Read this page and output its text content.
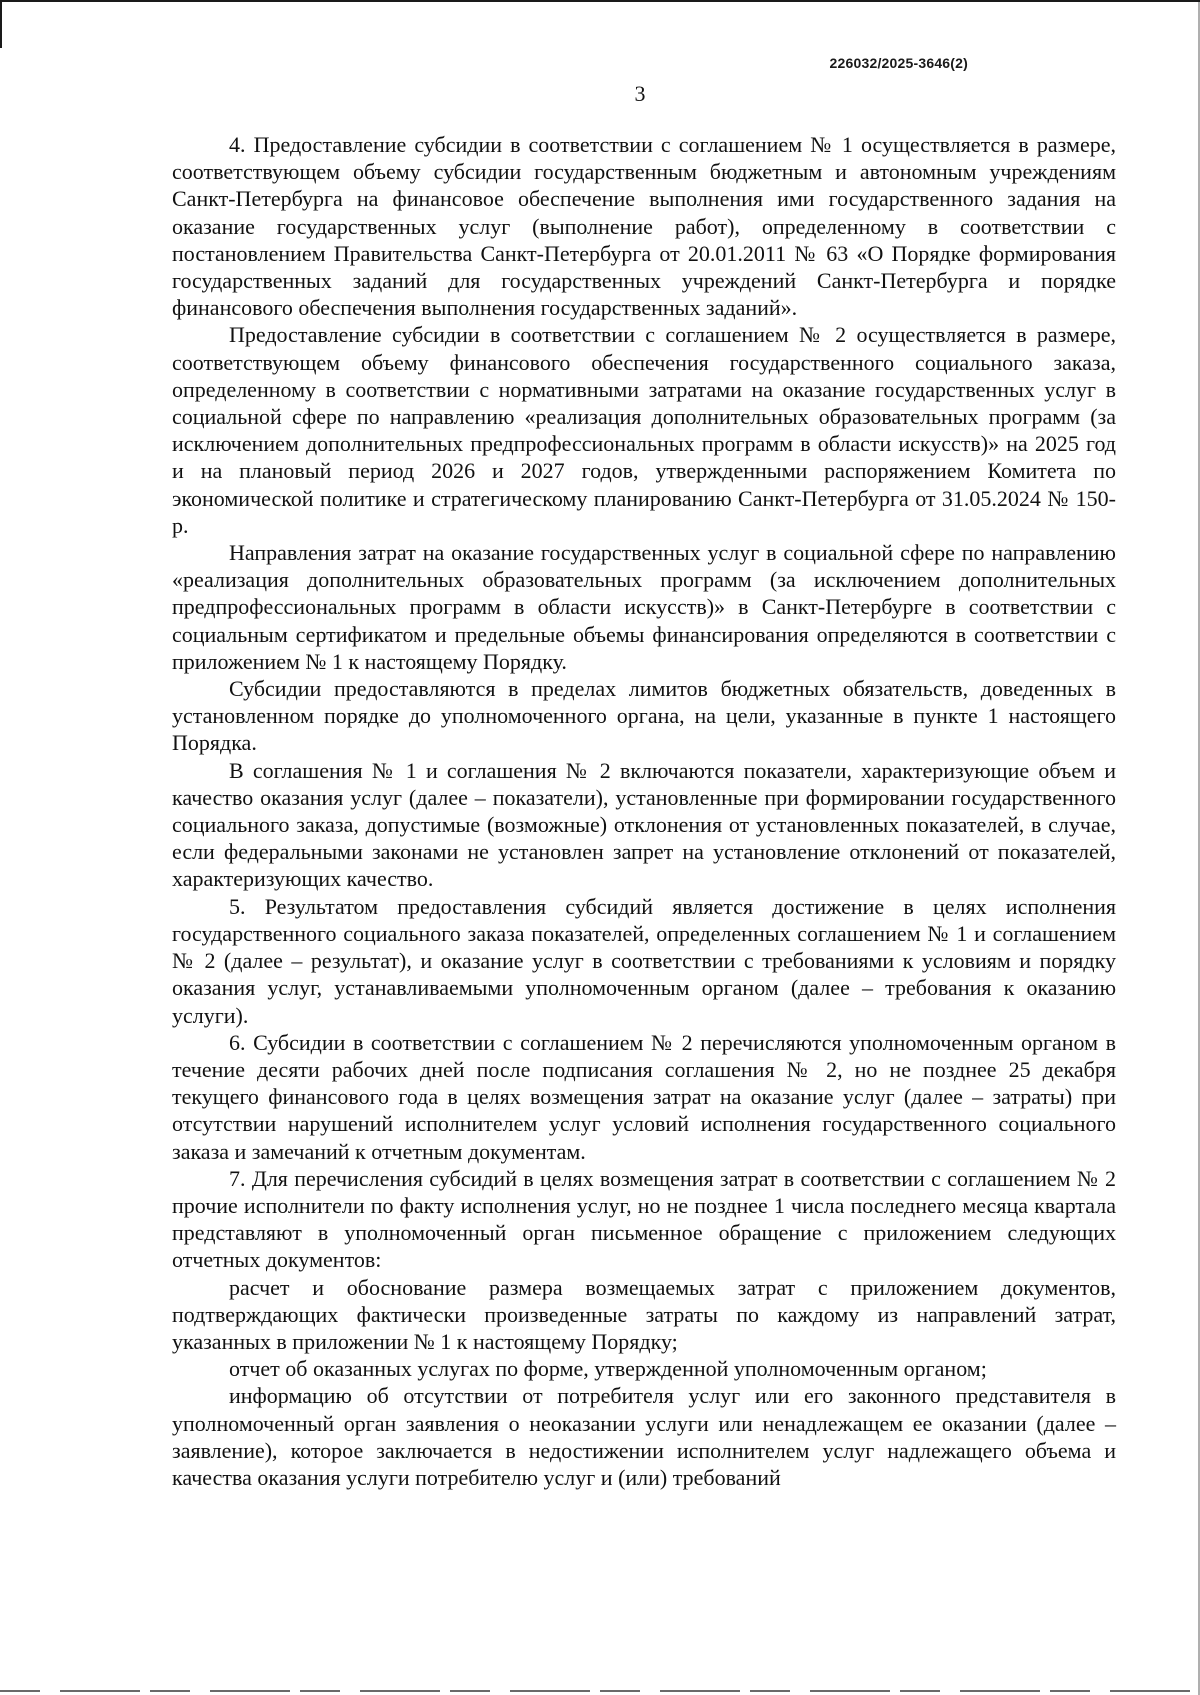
226032/2025-3646(2)
3

4. Предоставление субсидии в соответствии с соглашением № 1 осуществляется в размере, соответствующем объему субсидии государственным бюджетным и автономным учреждениям Санкт-Петербурга на финансовое обеспечение выполнения ими государственного задания на оказание государственных услуг (выполнение работ), определенному в соответствии с постановлением Правительства Санкт-Петербурга от 20.01.2011 № 63 «О Порядке формирования государственных заданий для государственных учреждений Санкт-Петербурга и порядке финансового обеспечения выполнения государственных заданий».

Предоставление субсидии в соответствии с соглашением № 2 осуществляется в размере, соответствующем объему финансового обеспечения государственного социального заказа, определенному в соответствии с нормативными затратами на оказание государственных услуг в социальной сфере по направлению «реализация дополнительных образовательных программ (за исключением дополнительных предпрофессиональных программ в области искусств)» на 2025 год и на плановый период 2026 и 2027 годов, утвержденными распоряжением Комитета по экономической политике и стратегическому планированию Санкт-Петербурга от 31.05.2024 № 150-р.

Направления затрат на оказание государственных услуг в социальной сфере по направлению «реализация дополнительных образовательных программ (за исключением дополнительных предпрофессиональных программ в области искусств)» в Санкт-Петербурге в соответствии с социальным сертификатом и предельные объемы финансирования определяются в соответствии с приложением № 1 к настоящему Порядку.

Субсидии предоставляются в пределах лимитов бюджетных обязательств, доведенных в установленном порядке до уполномоченного органа, на цели, указанные в пункте 1 настоящего Порядка.

В соглашения № 1 и соглашения № 2 включаются показатели, характеризующие объем и качество оказания услуг (далее – показатели), установленные при формировании государственного социального заказа, допустимые (возможные) отклонения от установленных показателей, в случае, если федеральными законами не установлен запрет на установление отклонений от показателей, характеризующих качество.

5. Результатом предоставления субсидий является достижение в целях исполнения государственного социального заказа показателей, определенных соглашением № 1 и соглашением № 2 (далее – результат), и оказание услуг в соответствии с требованиями к условиям и порядку оказания услуг, устанавливаемыми уполномоченным органом (далее – требования к оказанию услуги).

6. Субсидии в соответствии с соглашением № 2 перечисляются уполномоченным органом в течение десяти рабочих дней после подписания соглашения № 2, но не позднее 25 декабря текущего финансового года в целях возмещения затрат на оказание услуг (далее – затраты) при отсутствии нарушений исполнителем услуг условий исполнения государственного социального заказа и замечаний к отчетным документам.

7. Для перечисления субсидий в целях возмещения затрат в соответствии с соглашением № 2 прочие исполнители по факту исполнения услуг, но не позднее 1 числа последнего месяца квартала представляют в уполномоченный орган письменное обращение с приложением следующих отчетных документов:

расчет и обоснование размера возмещаемых затрат с приложением документов, подтверждающих фактически произведенные затраты по каждому из направлений затрат, указанных в приложении № 1 к настоящему Порядку;

отчет об оказанных услугах по форме, утвержденной уполномоченным органом;

информацию об отсутствии от потребителя услуг или его законного представителя в уполномоченный орган заявления о неоказании услуги или ненадлежащем ее оказании (далее – заявление), которое заключается в недостижении исполнителем услуг надлежащего объема и качества оказания услуги потребителю услуг и (или) требований
